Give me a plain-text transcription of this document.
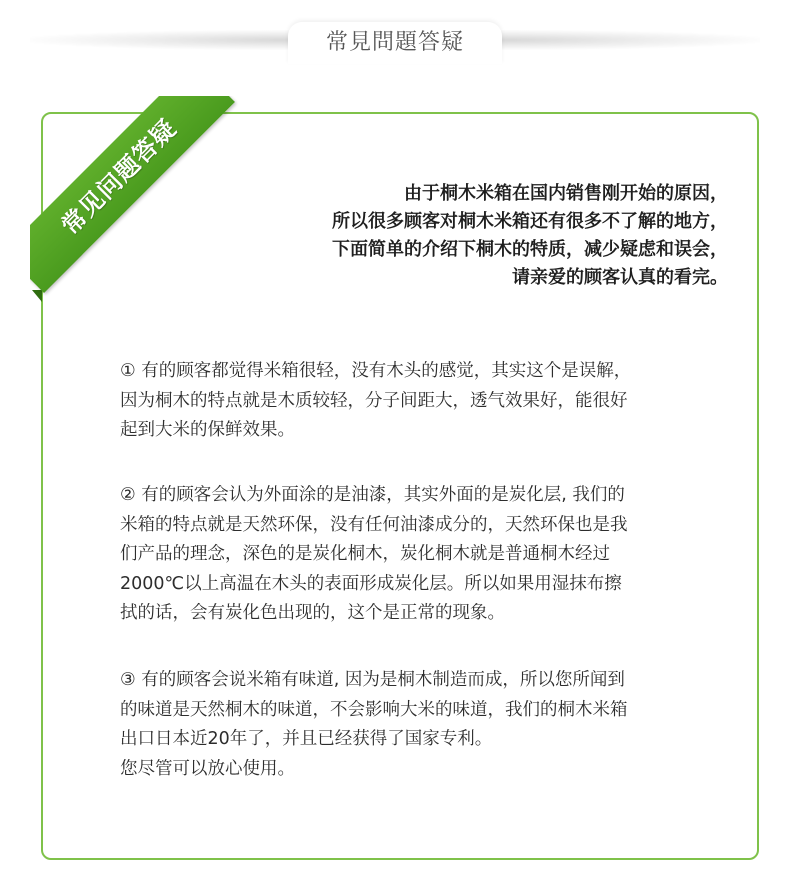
常見問題答疑
常见问题答疑	由于桐木米箱在国内销售刚开始的原因，
所以很多顾客对桐木米箱还有很多不了解的地方，
下面简单的介绍下桐木的特质，减少疑虑和误会，
请亲爱的顾客认真的看完。
① 有的顾客都觉得米箱很轻，没有木头的感觉，其实这个是误解，
因为桐木的特点就是木质较轻，分子间距大，透气效果好，能很好
起到大米的保鲜效果。
② 有的顾客会认为外面涂的是油漆，其实外面的是炭化层, 我们的
米箱的特点就是天然环保，没有任何油漆成分的，天然环保也是我
们产品的理念，深色的是炭化桐木，炭化桐木就是普通桐木经过
2000℃以上高温在木头的表面形成炭化层。所以如果用湿抹布擦
拭的话，会有炭化色出现的，这个是正常的现象。
③ 有的顾客会说米箱有味道, 因为是桐木制造而成，所以您所闻到
的味道是天然桐木的味道，不会影响大米的味道，我们的桐木米箱
出口日本近20年了，并且已经获得了国家专利。
您尽管可以放心使用。
